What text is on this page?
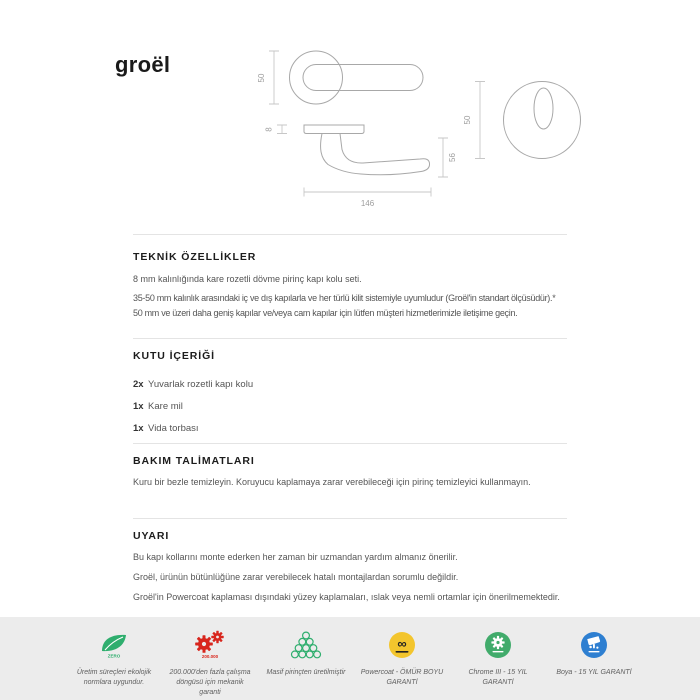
groël
50
8
56
146
50
TEKNİK ÖZELLİKLER
8 mm kalınlığında kare rozetli dövme pirinç kapı kolu seti.
35-50 mm kalınlık arasındaki iç ve dış kapılarla ve her türlü kilit sistemiyle uyumludur (Groël'in standart ölçüsüdür).*
50 mm ve üzeri daha geniş kapılar ve/veya cam kapılar için lütfen müşteri hizmetlerimizle iletişime geçin.
KUTU İÇERİĞİ
2x Yuvarlak rozetli kapı kolu
1x Kare mil
1x Vida torbası
BAKIM TALİMATLARI
Kuru bir bezle temizleyin. Koruyucu kaplamaya zarar verebileceği için pirinç temizleyici kullanmayın.
UYARI
Bu kapı kollarını monte ederken her zaman bir uzmandan yardım almanız önerilir.
Groël, ürünün bütünlüğüne zarar verebilecek hatalı montajlardan sorumlu değildir.
Groël'in Powercoat kaplaması dışındaki yüzey kaplamaları, ıslak veya nemli ortamlar için önerilmemektedir.
ZERO
Üretim süreçleri ekolojik normlara uygundur.
200.000
200.000'den fazla çalışma döngüsü için mekanik garanti
Masif pirinçten üretilmiştir
∞
Powercoat - ÖMÜR BOYU GARANTİ
Chrome III - 15 YIL GARANTİ
Boya - 15 YIL GARANTİ
